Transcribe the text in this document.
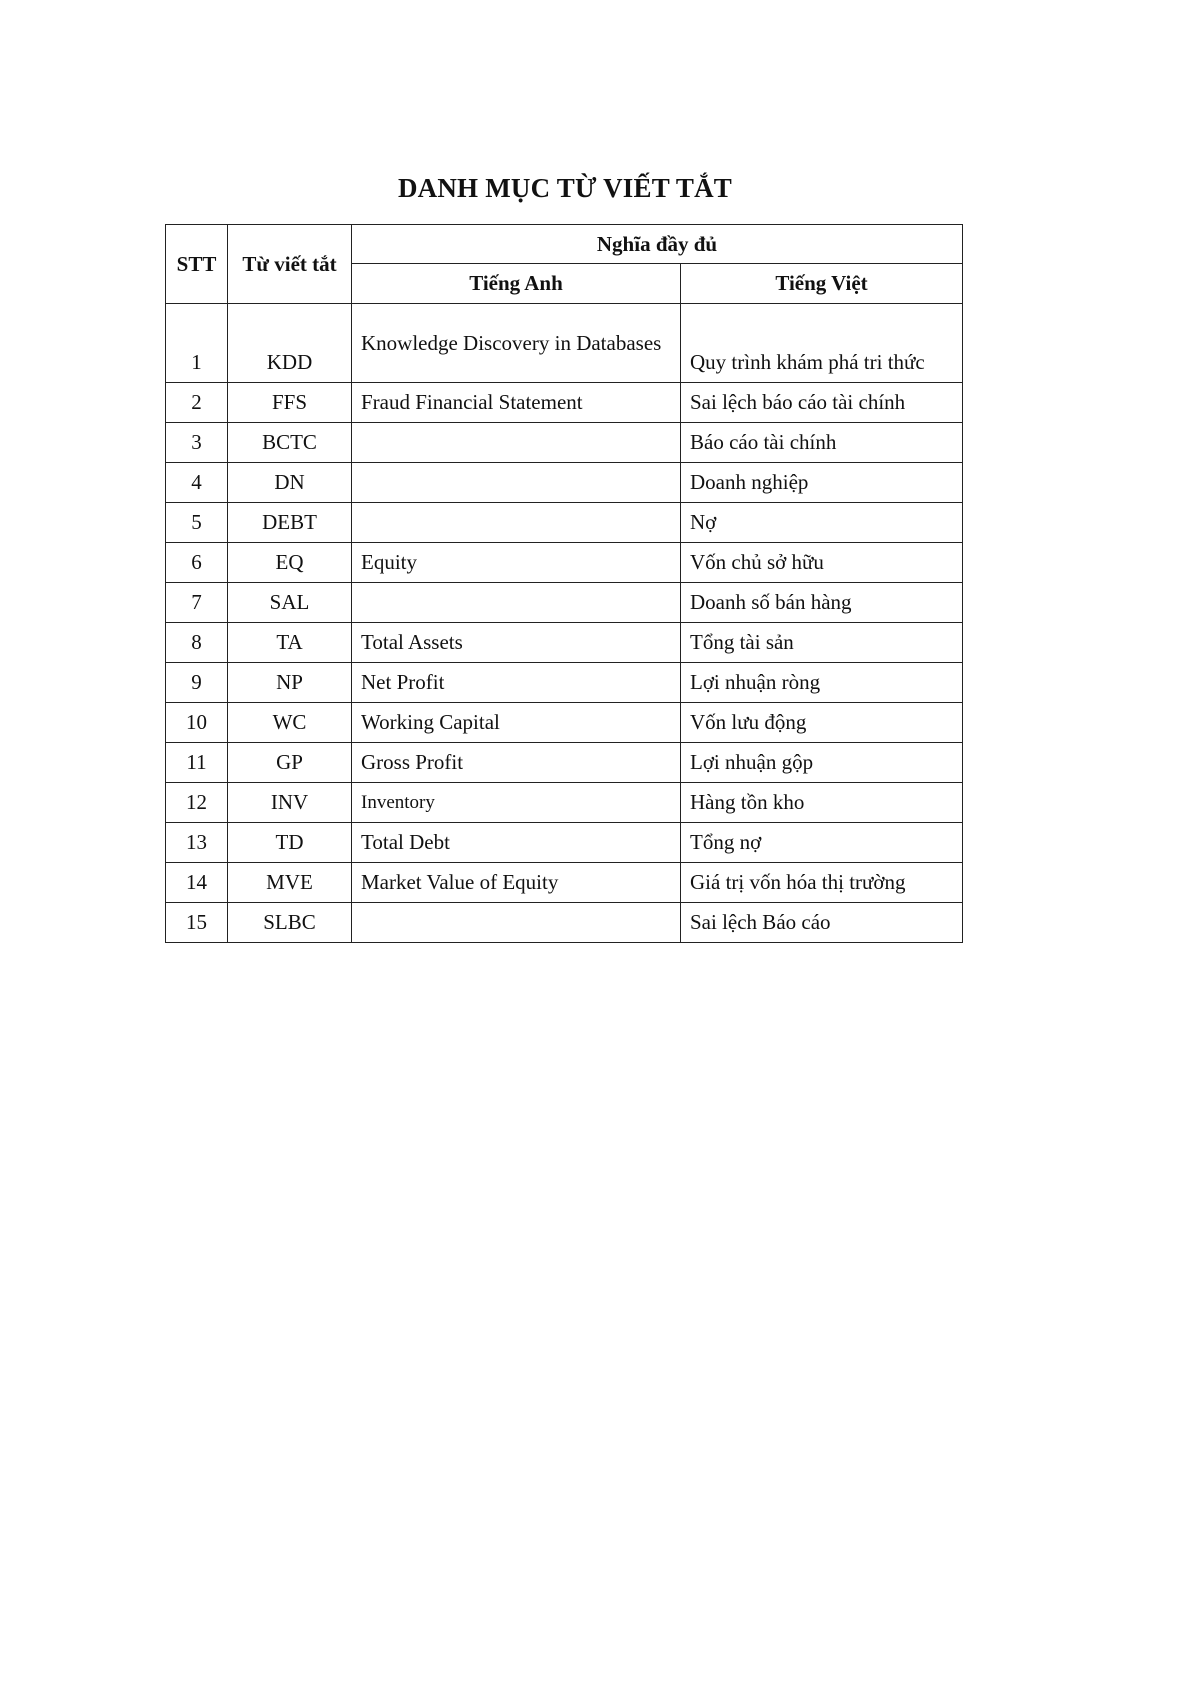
DANH MỤC TỪ VIẾT TẮT
STT	Từ viết tắt	Nghĩa đầy đủ	
		Tiếng Anh	Tiếng Việt
1	KDD	Knowledge Discovery in Databases	Quy trình khám phá tri thức
2	FFS	Fraud Financial Statement	Sai lệch báo cáo tài chính
3	BCTC		Báo cáo tài chính
4	DN		Doanh nghiệp
5	DEBT		Nợ
6	EQ	Equity	Vốn chủ sở hữu
7	SAL		Doanh số bán hàng
8	TA	Total Assets	Tổng tài sản
9	NP	Net Profit	Lợi nhuận ròng
10	WC	Working Capital	Vốn lưu động
11	GP	Gross Profit	Lợi nhuận gộp
12	INV	Inventory	Hàng tồn kho
13	TD	Total Debt	Tổng nợ
14	MVE	Market Value of Equity	Giá trị vốn hóa thị trường
15	SLBC		Sai lệch Báo cáo
